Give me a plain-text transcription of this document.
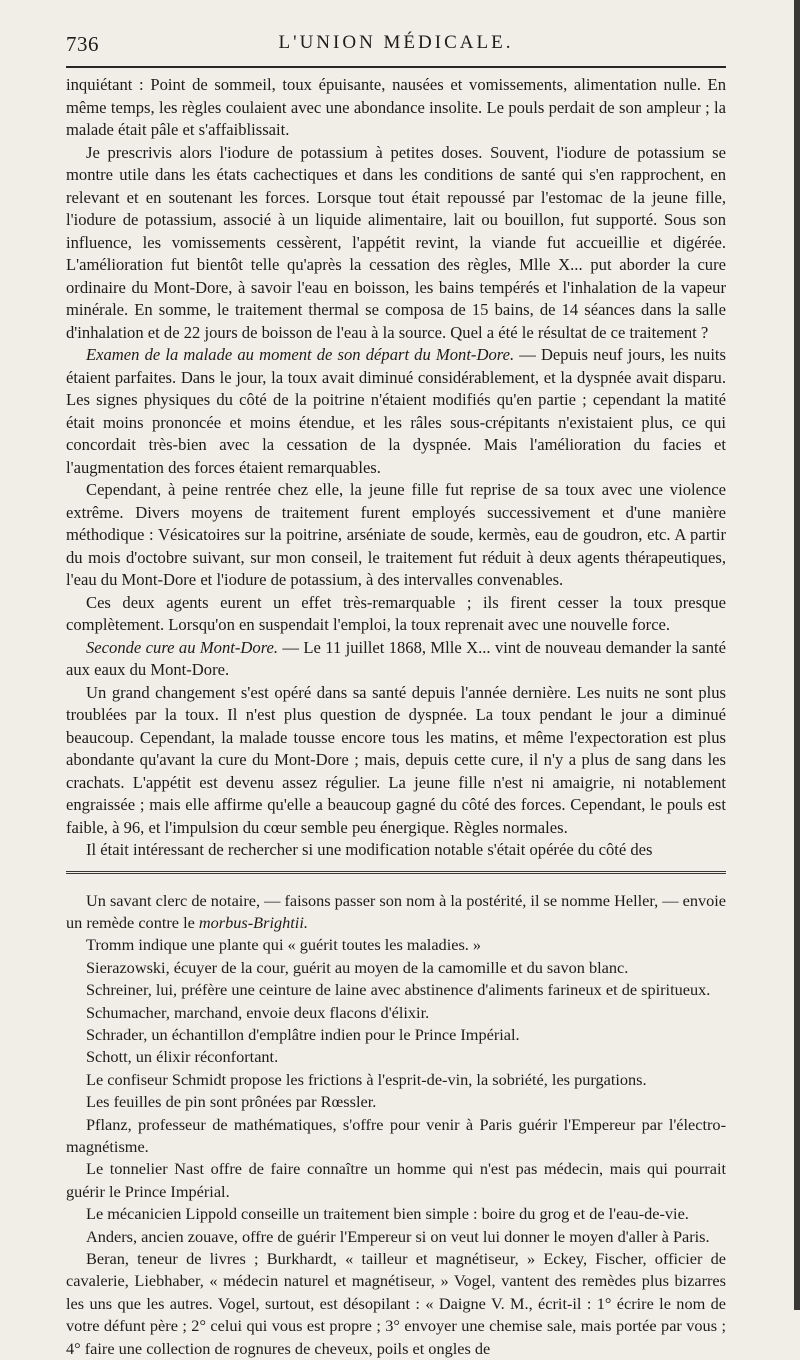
736	L'UNION MÉDICALE.

inquiétant : Point de sommeil, toux épuisante, nausées et vomissements, alimentation nulle. En même temps, les règles coulaient avec une abondance insolite. Le pouls perdait de son ampleur ; la malade était pâle et s'affaiblissait.

Je prescrivis alors l'iodure de potassium à petites doses. Souvent, l'iodure de potassium se montre utile dans les états cachectiques et dans les conditions de santé qui s'en rapprochent, en relevant et en soutenant les forces. Lorsque tout était repoussé par l'estomac de la jeune fille, l'iodure de potassium, associé à un liquide alimentaire, lait ou bouillon, fut supporté. Sous son influence, les vomissements cessèrent, l'appétit revint, la viande fut accueillie et digérée. L'amélioration fut bientôt telle qu'après la cessation des règles, Mlle X... put aborder la cure ordinaire du Mont-Dore, à savoir l'eau en boisson, les bains tempérés et l'inhalation de la vapeur minérale. En somme, le traitement thermal se composa de 15 bains, de 14 séances dans la salle d'inhalation et de 22 jours de boisson de l'eau à la source. Quel a été le résultat de ce traitement ?

Examen de la malade au moment de son départ du Mont-Dore. — Depuis neuf jours, les nuits étaient parfaites. Dans le jour, la toux avait diminué considérablement, et la dyspnée avait disparu. Les signes physiques du côté de la poitrine n'étaient modifiés qu'en partie ; cependant la matité était moins prononcée et moins étendue, et les râles sous-crépitants n'existaient plus, ce qui concordait très-bien avec la cessation de la dyspnée. Mais l'amélioration du facies et l'augmentation des forces étaient remarquables.

Cependant, à peine rentrée chez elle, la jeune fille fut reprise de sa toux avec une violence extrême. Divers moyens de traitement furent employés successivement et d'une manière méthodique : Vésicatoires sur la poitrine, arséniate de soude, kermès, eau de goudron, etc. A partir du mois d'octobre suivant, sur mon conseil, le traitement fut réduit à deux agents thérapeutiques, l'eau du Mont-Dore et l'iodure de potassium, à des intervalles convenables.

Ces deux agents eurent un effet très-remarquable ; ils firent cesser la toux presque complètement. Lorsqu'on en suspendait l'emploi, la toux reprenait avec une nouvelle force.

Seconde cure au Mont-Dore. — Le 11 juillet 1868, Mlle X... vint de nouveau demander la santé aux eaux du Mont-Dore.

Un grand changement s'est opéré dans sa santé depuis l'année dernière. Les nuits ne sont plus troublées par la toux. Il n'est plus question de dyspnée. La toux pendant le jour a diminué beaucoup. Cependant, la malade tousse encore tous les matins, et même l'expectoration est plus abondante qu'avant la cure du Mont-Dore ; mais, depuis cette cure, il n'y a plus de sang dans les crachats. L'appétit est devenu assez régulier. La jeune fille n'est ni amaigrie, ni notablement engraissée ; mais elle affirme qu'elle a beaucoup gagné du côté des forces. Cependant, le pouls est faible, à 96, et l'impulsion du cœur semble peu énergique. Règles normales.

Il était intéressant de rechercher si une modification notable s'était opérée du côté des

Un savant clerc de notaire, — faisons passer son nom à la postérité, il se nomme Heller, — envoie un remède contre le morbus-Brightii.

Tromm indique une plante qui « guérit toutes les maladies. »

Sierazowski, écuyer de la cour, guérit au moyen de la camomille et du savon blanc.

Schreiner, lui, préfère une ceinture de laine avec abstinence d'aliments farineux et de spiritueux.

Schumacher, marchand, envoie deux flacons d'élixir.

Schrader, un échantillon d'emplâtre indien pour le Prince Impérial.

Schott, un élixir réconfortant.

Le confiseur Schmidt propose les frictions à l'esprit-de-vin, la sobriété, les purgations.

Les feuilles de pin sont prônées par Rœssler.

Pflanz, professeur de mathématiques, s'offre pour venir à Paris guérir l'Empereur par l'électro-magnétisme.

Le tonnelier Nast offre de faire connaître un homme qui n'est pas médecin, mais qui pourrait guérir le Prince Impérial.

Le mécanicien Lippold conseille un traitement bien simple : boire du grog et de l'eau-de-vie.

Anders, ancien zouave, offre de guérir l'Empereur si on veut lui donner le moyen d'aller à Paris.

Beran, teneur de livres ; Burkhardt, « tailleur et magnétiseur, » Eckey, Fischer, officier de cavalerie, Liebhaber, « médecin naturel et magnétiseur, » Vogel, vantent des remèdes plus bizarres les uns que les autres. Vogel, surtout, est désopilant : « Daigne V. M., écrit-il : 1° écrire le nom de votre défunt père ; 2° celui qui vous est propre ; 3° envoyer une chemise sale, mais portée par vous ; 4° faire une collection de rognures de cheveux, poils et ongles de
